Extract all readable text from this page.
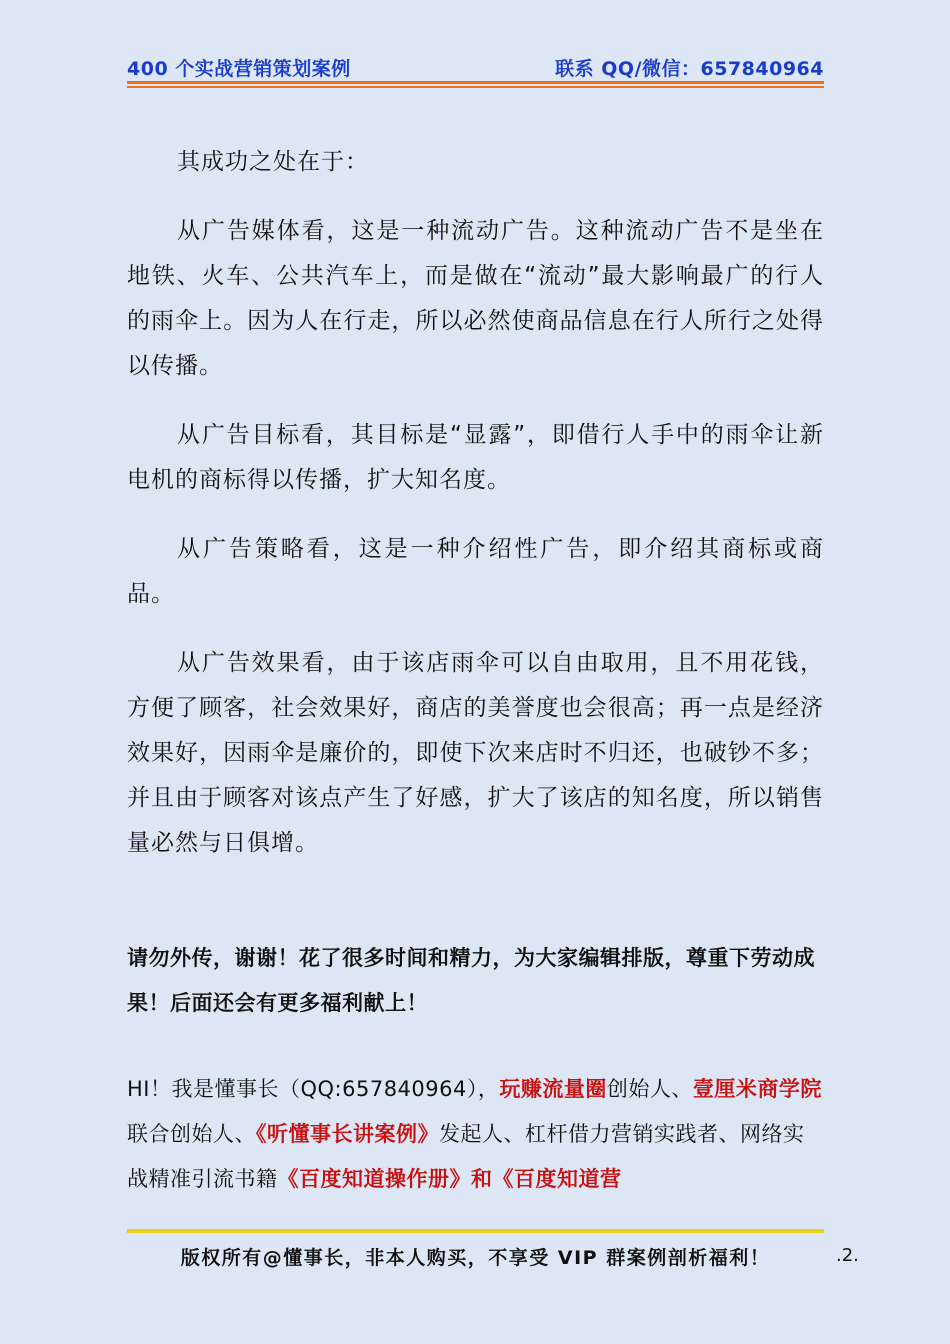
400 个实战营销策划案例	联系 QQ/微信：657840964

其成功之处在于：

从广告媒体看，这是一种流动广告。这种流动广告不是坐在地铁、火车、公共汽车上，而是做在“流动”最大影响最广的行人的雨伞上。因为人在行走，所以必然使商品信息在行人所行之处得以传播。

从广告目标看，其目标是“显露”，即借行人手中的雨伞让新电机的商标得以传播，扩大知名度。

从广告策略看，这是一种介绍性广告，即介绍其商标或商品。

从广告效果看，由于该店雨伞可以自由取用，且不用花钱，方便了顾客，社会效果好，商店的美誉度也会很高；再一点是经济效果好，因雨伞是廉价的，即使下次来店时不归还，也破钞不多；并且由于顾客对该点产生了好感，扩大了该店的知名度，所以销售量必然与日俱增。

请勿外传，谢谢！花了很多时间和精力，为大家编辑排版，尊重下劳动成果！后面还会有更多福利献上！
HI！我是懂事长（QQ:657840964），玩赚流量圈创始人、壹厘米商学院联合创始人、《听懂事长讲案例》发起人、杠杆借力营销实践者、网络实战精准引流书籍《百度知道操作册》和《百度知道营
版权所有@懂事长，非本人购买，不享受 VIP 群案例剖析福利！	.2.
